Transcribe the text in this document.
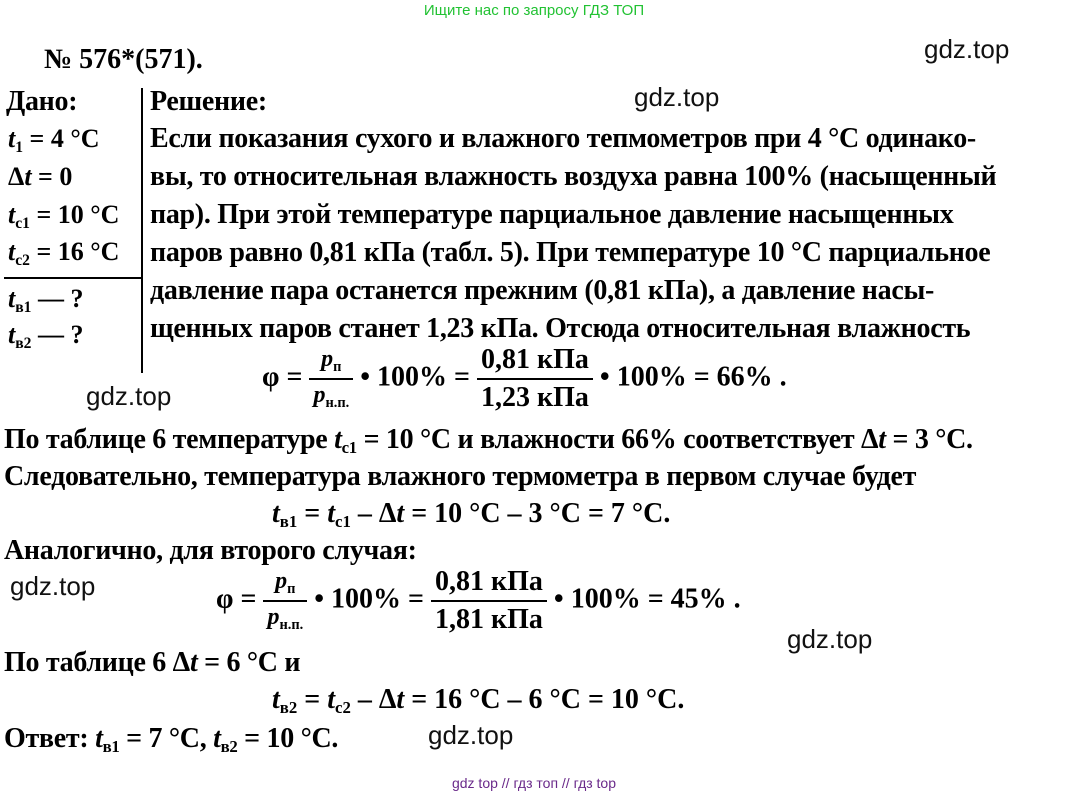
Ищите нас по запросу ГДЗ ТОП
gdz top // гдз топ // гдз top
gdz.top
gdz.top
gdz.top
gdz.top
gdz.top
gdz.top
№ 576*(571).
Дано:
$t_1 = 4$ °С
Δt = 0
$t_{c1} = 10$ °С
$t_{c2} = 16$ °С
$t_{в1}$ — ?
$t_{в2}$ — ?
Решение:
Если показания сухого и влажного тепмометров при 4 °С одинако-
вы, то относительная влажность воздуха равна 100% (насыщенный
пар). При этой температуре парциальное давление насыщенных
паров равно 0,81 кПа (табл. 5). При температуре 10 °С парциальное
давление пара останется прежним (0,81 кПа), а давление насы-
щенных паров станет 1,23 кПа. Отсюда относительная влажность
$\varphi = \frac{p_п}{p_{н.п.}}$ • $100\% = \frac{\text{0,81 кПа}}{\text{1,23 кПа}}$ • 100% = 66% .
По таблице 6 температуре $t_{c1} = 10$ °С и влажности 66% соответствует Δt = 3 °С.
Следовательно, температура влажного термометра в первом случае будет
$t_{в1} = t_{c1} - \Delta t = 10$ °С – 3 °С = 7 °С.
Аналогично, для второго случая:
$\varphi = \frac{p_п}{p_{н.п.}}$ • $100\% = \frac{\text{0,81 кПа}}{\text{1,81 кПа}}$ • 100% = 45% .
По таблице 6 Δt = 6 °С и
$t_{в2} = t_{c2} - \Delta t = 16$ °С – 6 °С = 10 °С.
Ответ: $t_{в1} = 7$ °С, $t_{в2} = 10$ °С.
